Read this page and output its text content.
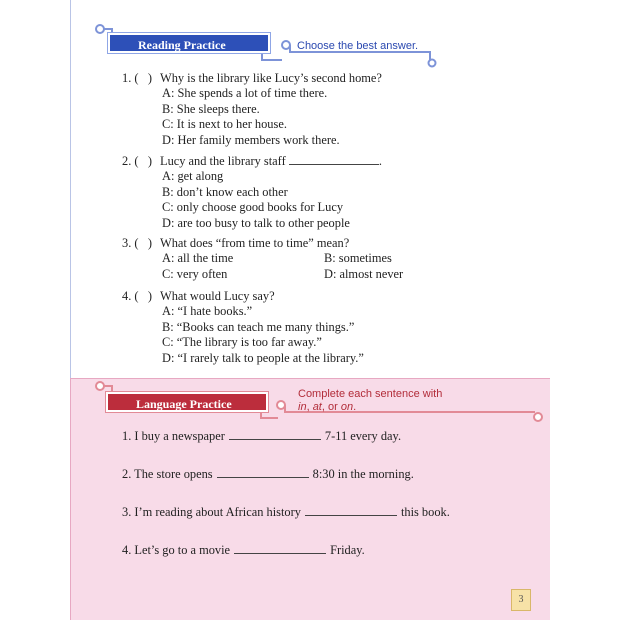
Reading Practice	Choose the best answer.
1. ( ) Why is the library like Lucy’s second home?
A: She spends a lot of time there.
B: She sleeps there.
C: It is next to her house.
D: Her family members work there.
2. ( ) Lucy and the library staff	.
A: get along
B: don’t know each other
C: only choose good books for Lucy
D: are too busy to talk to other people
3. ( ) What does “from time to time” mean?
A: all the time	B: sometimes
C: very often	D: almost never
4. ( ) What would Lucy say?
A: “I hate books.”
B: “Books can teach me many things.”
C: “The library is too far away.”
D: “I rarely talk to people at the library.”
Language Practice
Complete each sentence with
in, at, or on.
1. I buy a newspaper	7-11 every day.
2. The store opens	8:30 in the morning.
3. I’m reading about African history	this book.
4. Let’s go to a movie	Friday.
3
